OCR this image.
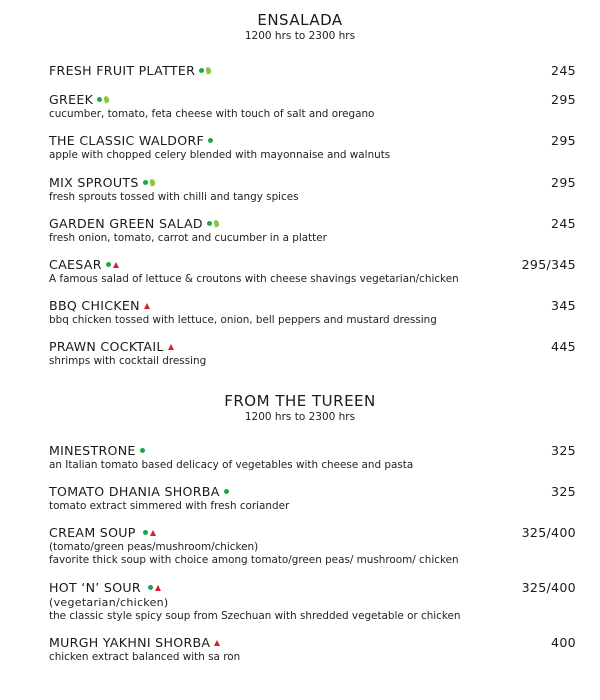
ENSALADA
1200 hrs to 2300 hrs
FRESH FRUIT PLATTER	245
GREEK
cucumber, tomato, feta cheese with touch of salt and oregano
295
THE CLASSIC WALDORF
apple with chopped celery blended with mayonnaise and walnuts
295
MIX SPROUTS
fresh sprouts tossed with chilli and tangy spices
295
GARDEN GREEN SALAD
fresh onion, tomato, carrot and cucumber in a platter
245
CAESAR
A famous salad of lettuce & croutons with cheese shavings vegetarian/chicken
295/345
BBQ CHICKEN
bbq chicken tossed with lettuce, onion, bell peppers and mustard dressing
345
PRAWN COCKTAIL
shrimps with cocktail dressing
445
FROM THE TUREEN
1200 hrs to 2300 hrs
MINESTRONE
an Italian tomato based delicacy of vegetables with cheese and pasta
325
TOMATO DHANIA SHORBA
tomato extract simmered with fresh coriander
325
CREAM SOUP
(tomato/green peas/mushroom/chicken)
favorite thick soup with choice among tomato/green peas/ mushroom/ chicken
325/400
HOT ‘N’ SOUR
(vegetarian/chicken)
the classic style spicy soup from Szechuan with shredded vegetable or chicken
325/400
MURGH YAKHNI SHORBA
chicken extract balanced with sa ron
400
